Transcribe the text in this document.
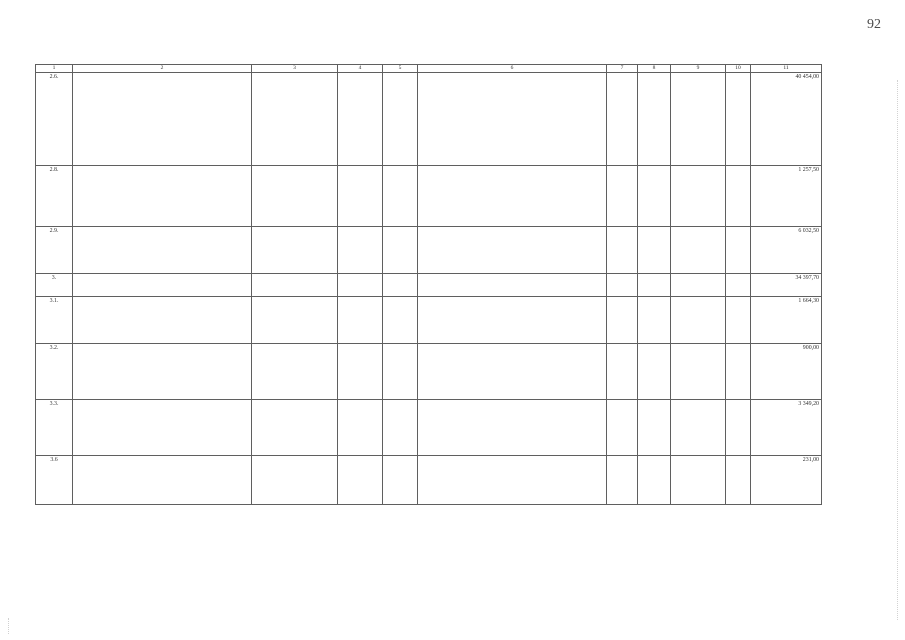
92
1	2	3	4	5	6	7	8	9	10	11
2.6.										40 454,00
2.8.										1 257,50
2.9.										6 032,50
3.										34 397,70
3.1.										1 664,30
3.2.										900,00
3.3.										3 349,20
3.6										231,00
